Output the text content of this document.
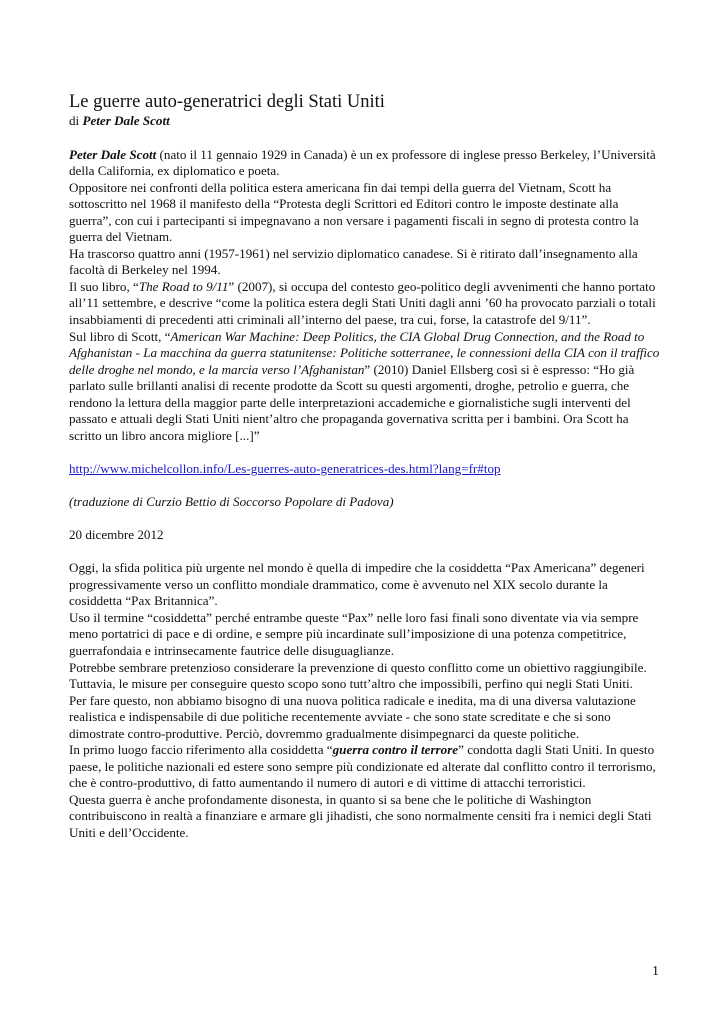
Le guerre auto-generatrici degli Stati Uniti

di Peter Dale Scott

Peter Dale Scott (nato il 11 gennaio 1929 in Canada) è un ex professore di inglese presso Berkeley, l’Università della California, ex diplomatico e poeta.

Oppositore nei confronti della politica estera americana fin dai tempi della guerra del Vietnam, Scott ha sottoscritto nel 1968 il manifesto della “Protesta degli Scrittori ed Editori contro le imposte destinate alla guerra”, con cui i partecipanti si impegnavano a non versare i pagamenti fiscali in segno di protesta contro la guerra del Vietnam.

Ha trascorso quattro anni (1957-1961) nel servizio diplomatico canadese. Si è ritirato dall’insegnamento alla facoltà di Berkeley nel 1994.

Il suo libro, “The Road to 9/11” (2007), si occupa del contesto geo-politico degli avvenimenti che hanno portato all’11 settembre, e descrive “come la politica estera degli Stati Uniti dagli anni ’60 ha provocato parziali o totali insabbiamenti di precedenti atti criminali all’interno del paese, tra cui, forse, la catastrofe del 9/11”.

Sul libro di Scott, “American War Machine: Deep Politics, the CIA Global Drug Connection, and the Road to Afghanistan - La macchina da guerra statunitense: Politiche sotterranee, le connessioni della CIA con il traffico delle droghe nel mondo, e la marcia verso l’Afghanistan” (2010) Daniel Ellsberg così si è espresso: “Ho già parlato sulle brillanti analisi di recente prodotte da Scott su questi argomenti, droghe, petrolio e guerra, che rendono la lettura della maggior parte delle interpretazioni accademiche e giornalistiche sugli interventi del passato e attuali degli Stati Uniti nient’altro che propaganda governativa scritta per i bambini. Ora Scott ha scritto un libro ancora migliore [...]”

http://www.michelcollon.info/Les-guerres-auto-generatrices-des.html?lang=fr#top

(traduzione di Curzio Bettio di Soccorso Popolare di Padova)

20 dicembre 2012

Oggi, la sfida politica più urgente nel mondo è quella di impedire che la cosiddetta “Pax Americana” degeneri progressivamente verso un conflitto mondiale drammatico, come è avvenuto nel XIX secolo durante la cosiddetta “Pax Britannica”.

Uso il termine “cosiddetta” perché entrambe queste “Pax” nelle loro fasi finali sono diventate via via sempre meno portatrici di pace e di ordine, e sempre più incardinate sull’imposizione di una potenza competitrice, guerrafondaia e intrinsecamente fautrice delle disuguaglianze.

Potrebbe sembrare pretenzioso considerare la prevenzione di questo conflitto come un obiettivo raggiungibile. Tuttavia, le misure per conseguire questo scopo sono tutt’altro che impossibili, perfino qui negli Stati Uniti.

Per fare questo, non abbiamo bisogno di una nuova politica radicale e inedita, ma di una diversa valutazione realistica e indispensabile di due politiche recentemente avviate - che sono state screditate e che si sono dimostrate contro-produttive. Perciò, dovremmo gradualmente disimpegnarci da queste politiche.

In primo luogo faccio riferimento alla cosiddetta “guerra contro il terrore” condotta dagli Stati Uniti. In questo paese, le politiche nazionali ed estere sono sempre più condizionate ed alterate dal conflitto contro il terrorismo, che è contro-produttivo, di fatto aumentando il numero di autori e di vittime di attacchi terroristici.

Questa guerra è anche profondamente disonesta, in quanto si sa bene che le politiche di Washington contribuiscono in realtà a finanziare e armare gli jihadisti, che sono normalmente censiti fra i nemici degli Stati Uniti e dell’Occidente.

1
